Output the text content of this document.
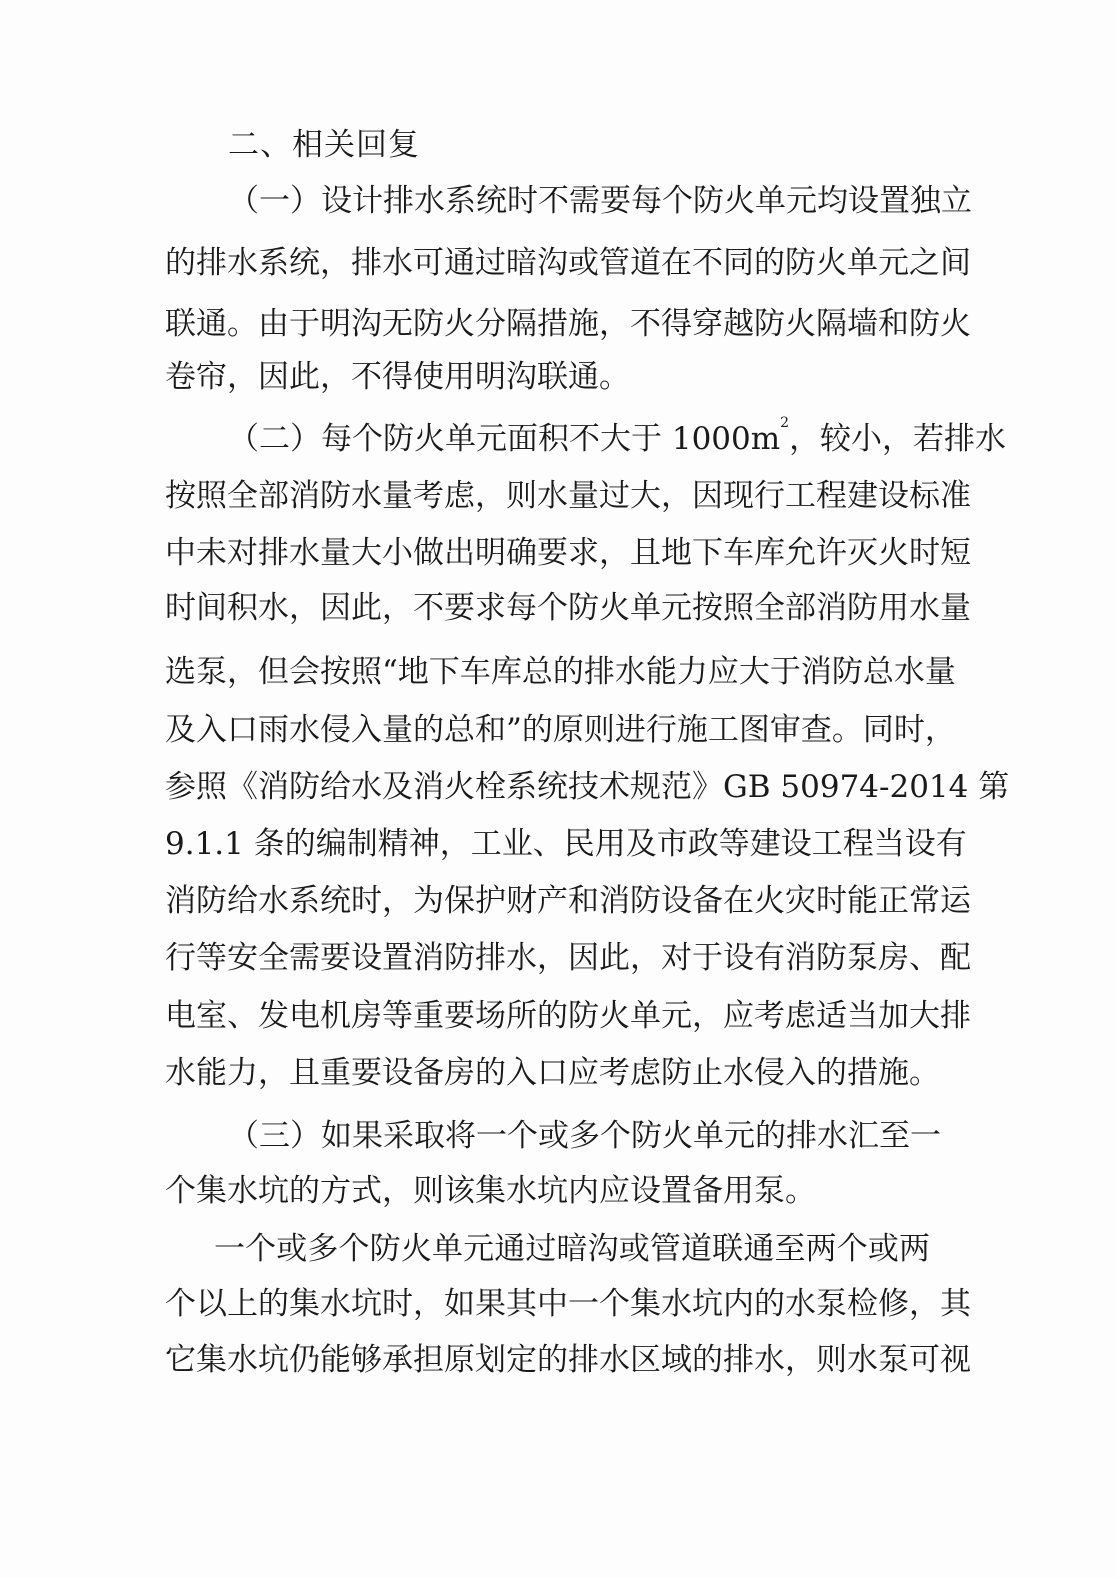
二、相关回复
（一）设计排水系统时不需要每个防火单元均设置独立
的排水系统，排水可通过暗沟或管道在不同的防火单元之间
联通。由于明沟无防火分隔措施，不得穿越防火隔墙和防火
卷帘，因此，不得使用明沟联通。
（二）每个防火单元面积不大于 $1000m^2$，较小，若排水
按照全部消防水量考虑，则水量过大，因现行工程建设标准
中未对排水量大小做出明确要求，且地下车库允许灭火时短
时间积水，因此，不要求每个防火单元按照全部消防用水量
选泵，但会按照“地下车库总的排水能力应大于消防总水量
及入口雨水侵入量的总和”的原则进行施工图审查。同时，
参照《消防给水及消火栓系统技术规范》GB 50974-2014 第
9.1.1 条的编制精神，工业、民用及市政等建设工程当设有
消防给水系统时，为保护财产和消防设备在火灾时能正常运
行等安全需要设置消防排水，因此，对于设有消防泵房、配
电室、发电机房等重要场所的防火单元，应考虑适当加大排
水能力，且重要设备房的入口应考虑防止水侵入的措施。
（三）如果采取将一个或多个防火单元的排水汇至一
个集水坑的方式，则该集水坑内应设置备用泵。
一个或多个防火单元通过暗沟或管道联通至两个或两
个以上的集水坑时，如果其中一个集水坑内的水泵检修，其
它集水坑仍能够承担原划定的排水区域的排水，则水泵可视
